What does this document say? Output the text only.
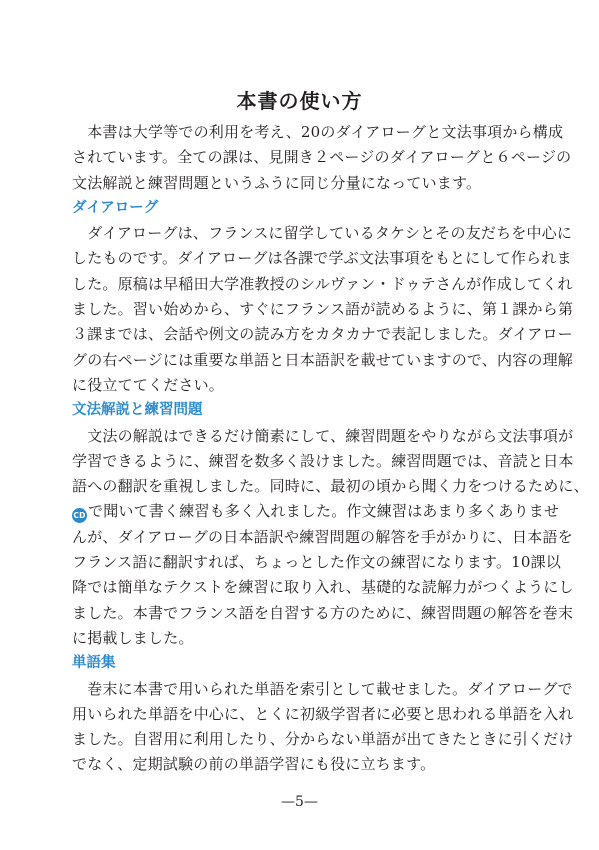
本書の使い方

　本書は大学等での利用を考え、20のダイアローグと文法事項から構成
されています。全ての課は、見開き２ページのダイアローグと６ページの
文法解説と練習問題というふうに同じ分量になっています。

ダイアローグ

　ダイアローグは、フランスに留学しているタケシとその友だちを中心に
したものです。ダイアローグは各課で学ぶ文法事項をもとにして作られま
した。原稿は早稲田大学准教授のシルヴァン・ドゥテさんが作成してくれ
ました。習い始めから、すぐにフランス語が読めるように、第１課から第
３課までは、会話や例文の読み方をカタカナで表記しました。ダイアロー
グの右ページには重要な単語と日本語訳を載せていますので、内容の理解
に役立ててください。

文法解説と練習問題

　文法の解説はできるだけ簡素にして、練習問題をやりながら文法事項が
学習できるように、練習を数多く設けました。練習問題では、音読と日本
語への翻訳を重視しました。同時に、最初の頃から聞く力をつけるために、
CD で聞いて書く練習も多く入れました。作文練習はあまり多くありませ
んが、ダイアローグの日本語訳や練習問題の解答を手がかりに、日本語を
フランス語に翻訳すれば、ちょっとした作文の練習になります。10課以
降では簡単なテクストを練習に取り入れ、基礎的な読解力がつくようにし
ました。本書でフランス語を自習する方のために、練習問題の解答を巻末
に掲載しました。

単語集

　巻末に本書で用いられた単語を索引として載せました。ダイアローグで
用いられた単語を中心に、とくに初級学習者に必要と思われる単語を入れ
ました。自習用に利用したり、分からない単語が出てきたときに引くだけ
でなく、定期試験の前の単語学習にも役に立ちます。

—5—
